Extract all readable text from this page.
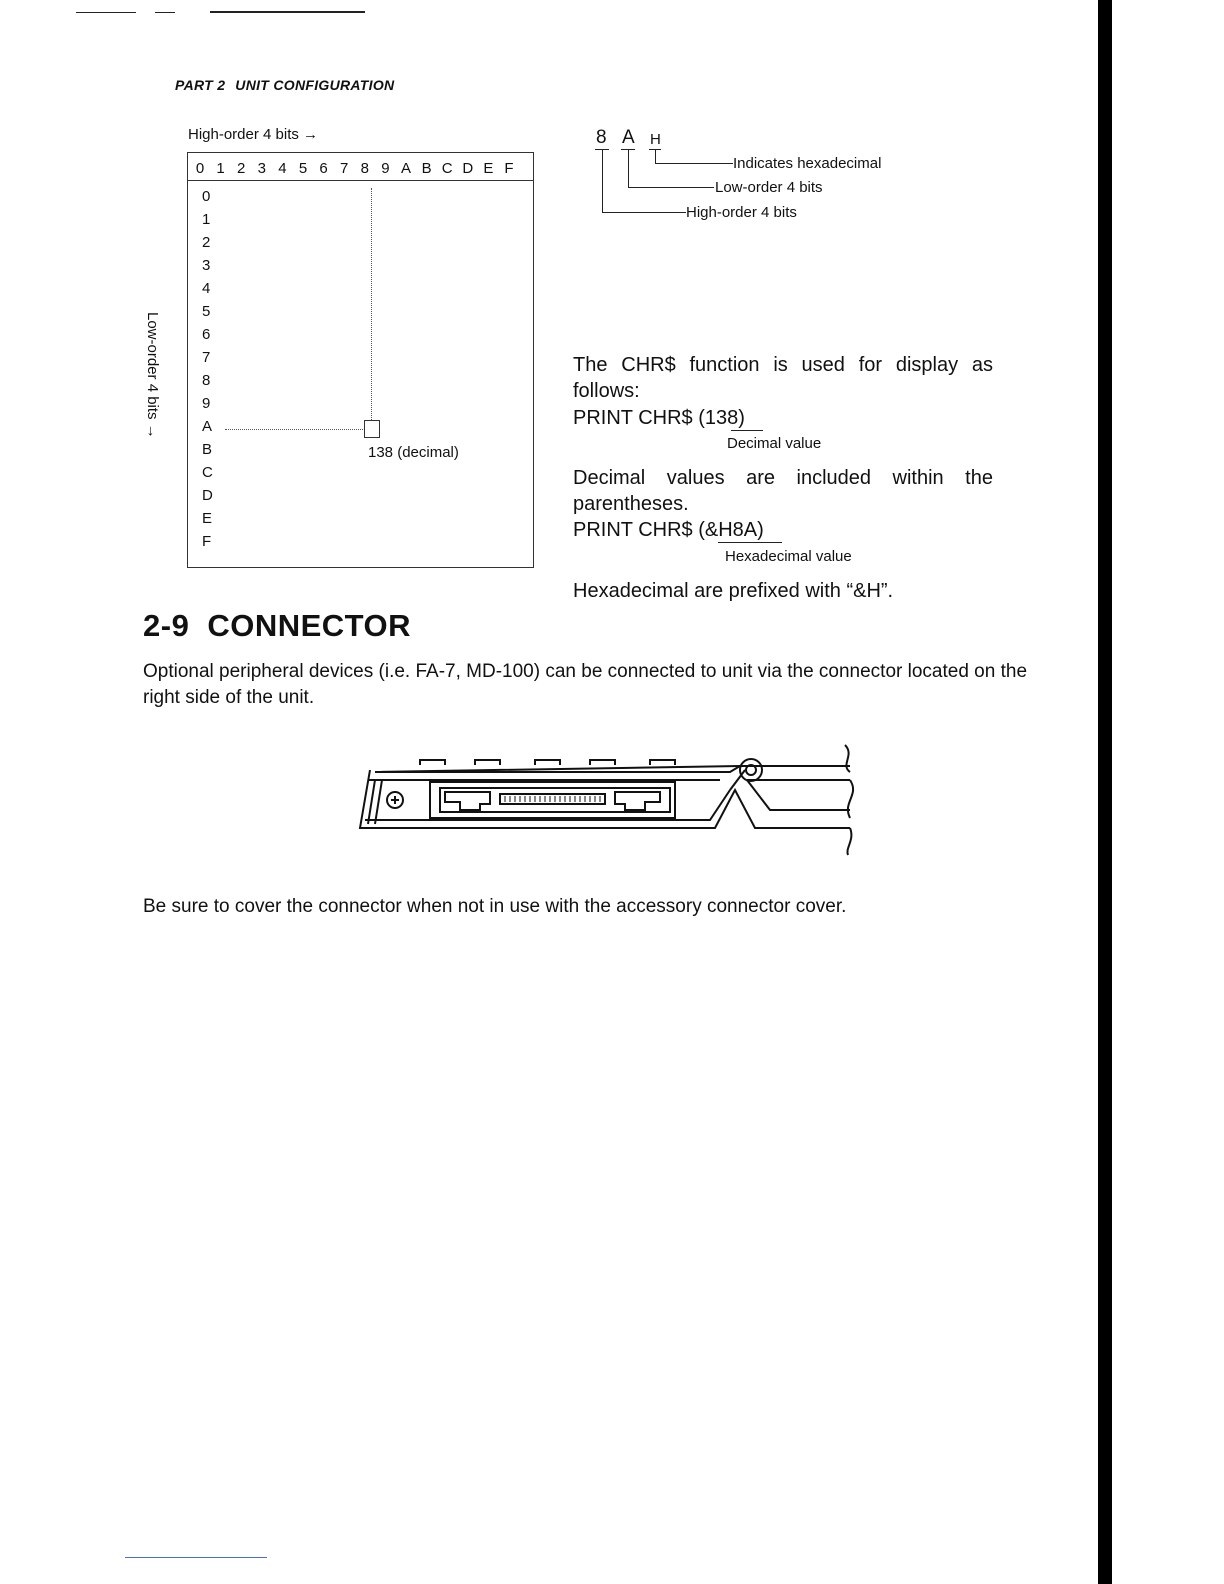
PART 2 UNIT CONFIGURATION
High-order 4 bits →
Low-order 4 bits →
138 (decimal)
0 1 2 3 4 5 6 7 8 9 A B C D E F
0
1
2
3
4
5
6
7
8
9
A
B
C
D
E
F
8 A H
Indicates hexadecimal
Low-order 4 bits
High-order 4 bits
The CHR$ function is used for display as follows:
PRINT CHR$ (138)
Decimal value
Decimal values are included within the parentheses.
PRINT CHR$ (&H8A)
Hexadecimal value
Hexadecimal are prefixed with “&H”.
2-9 CONNECTOR
Optional peripheral devices (i.e. FA-7, MD-100) can be connected to unit via the connector located on the right side of the unit.
Be sure to cover the connector when not in use with the accessory connector cover.
